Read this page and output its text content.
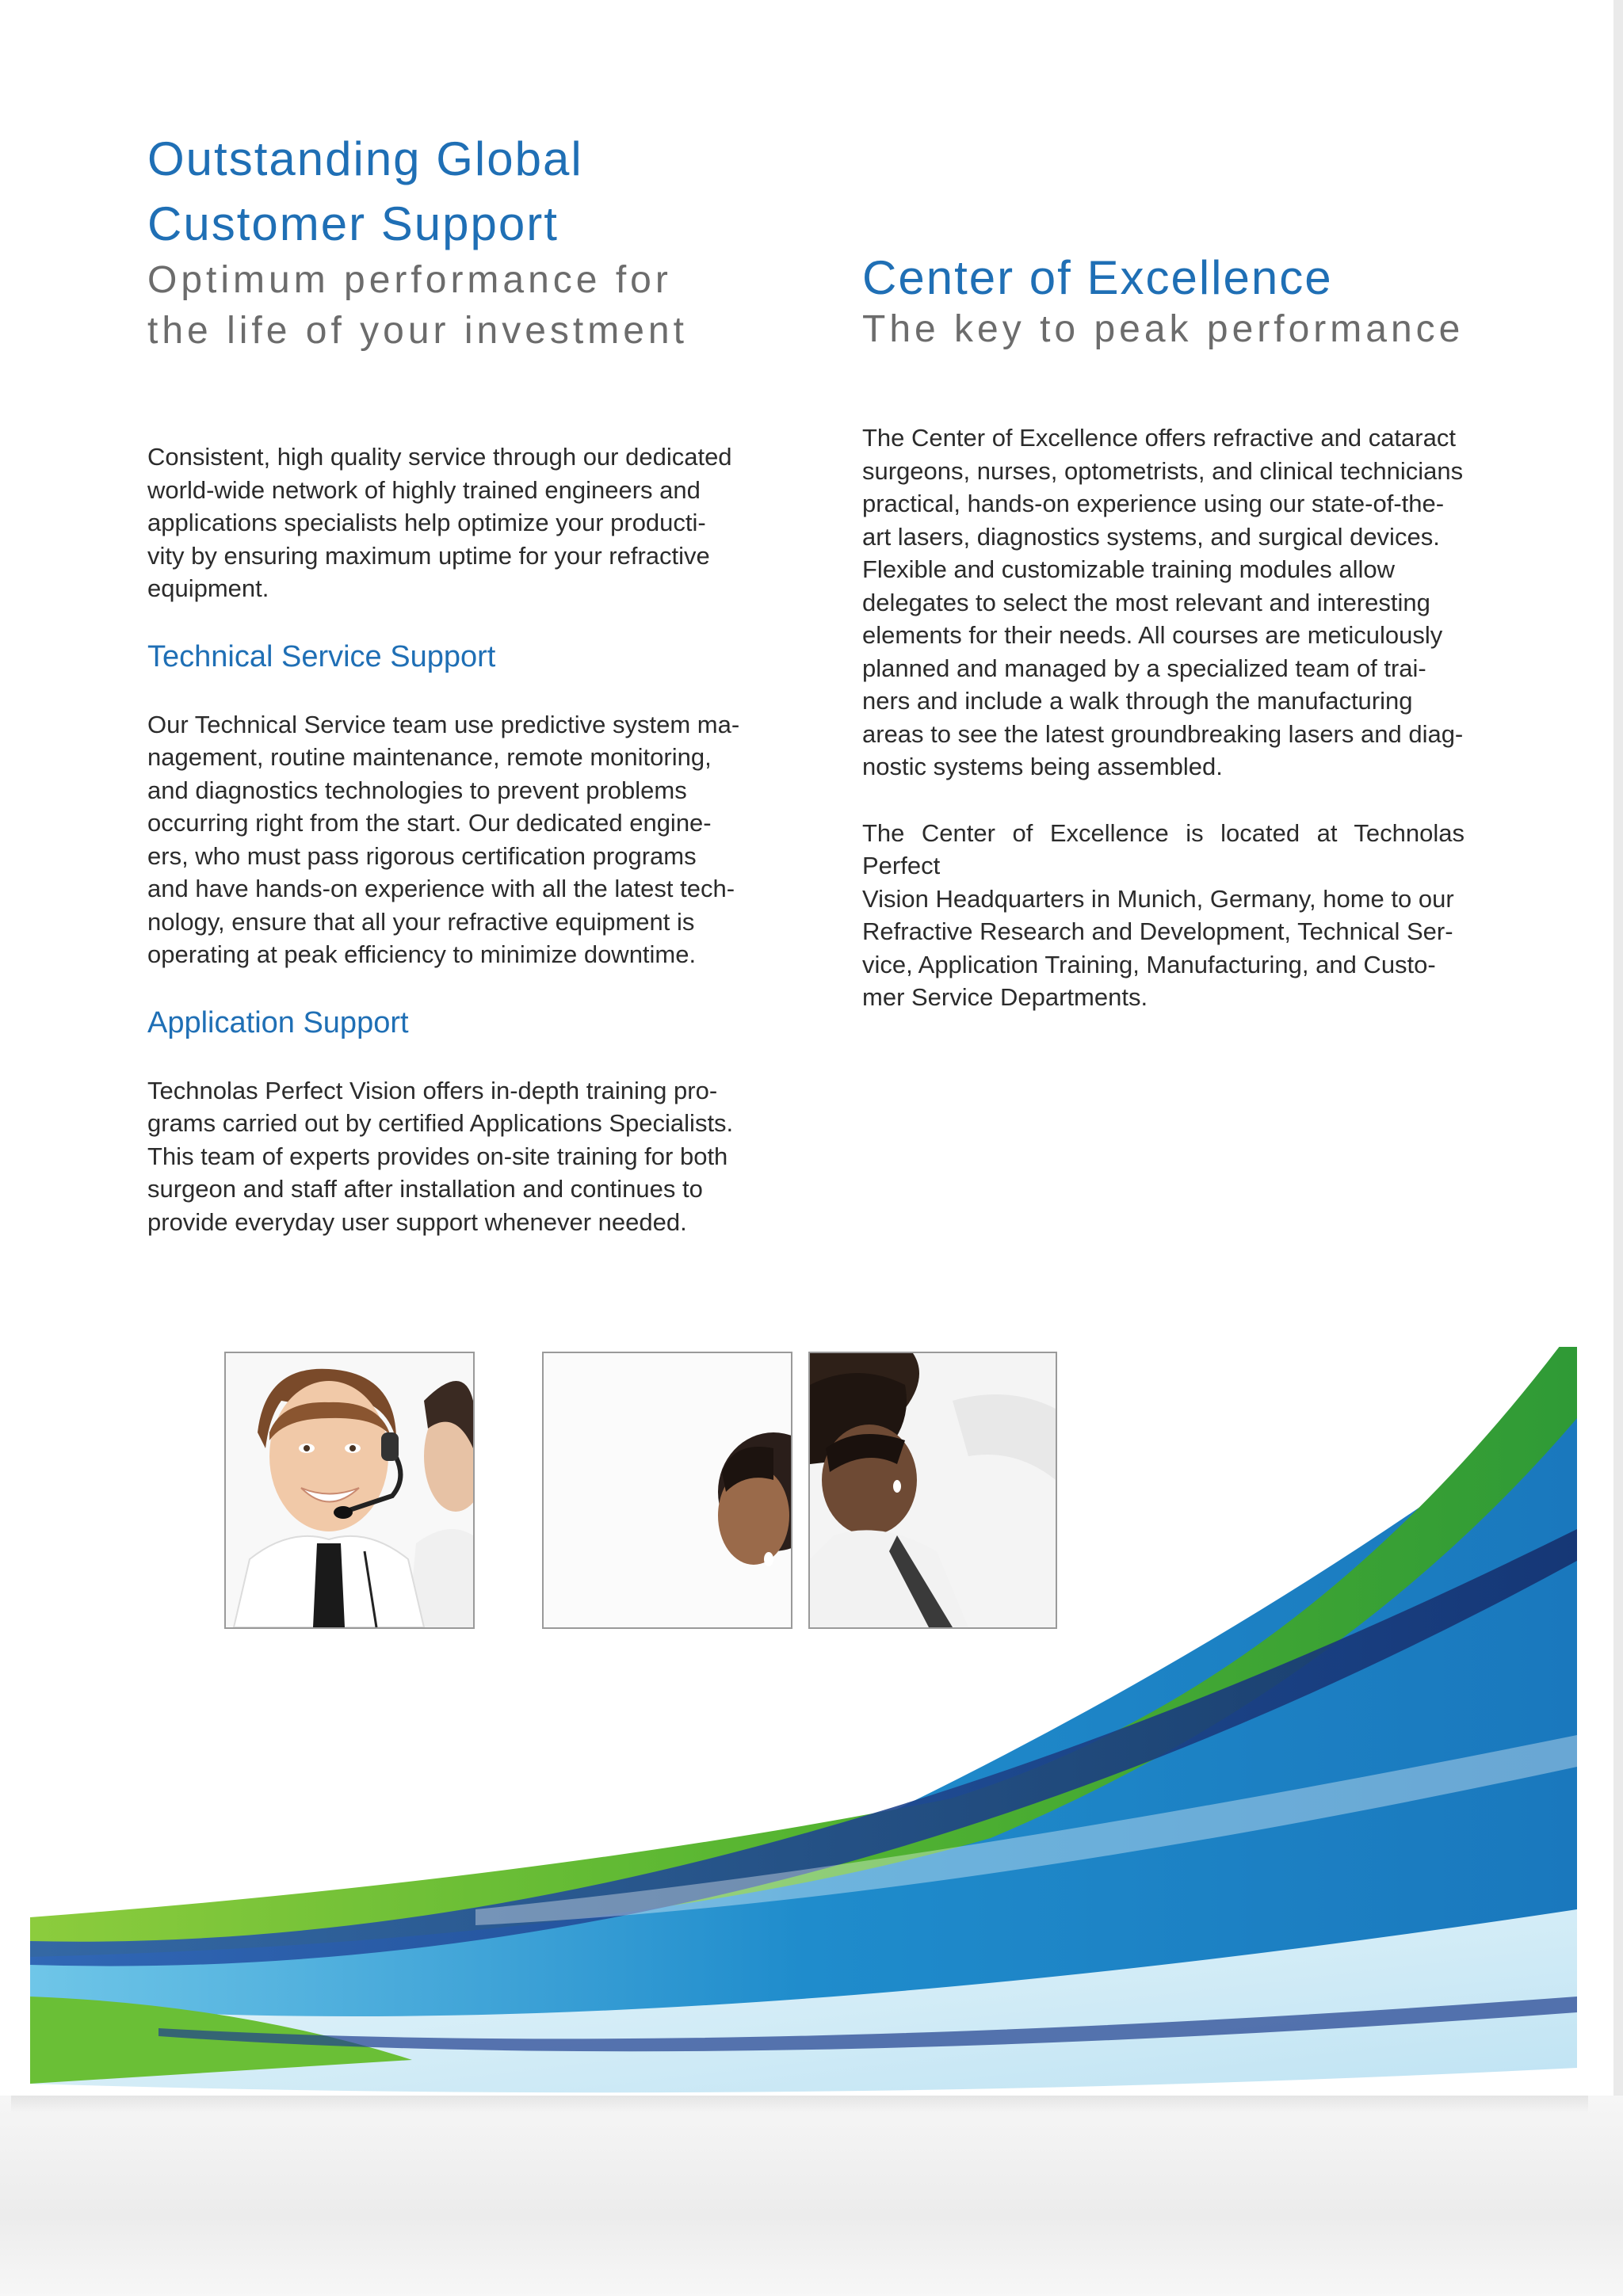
Outstanding Global
Customer Support
Optimum performance for
the life of your investment

Consistent, high quality service through our dedicated
world-wide network of highly trained engineers and
applications specialists help optimize your producti-
vity by ensuring maximum uptime for your refractive
equipment.

Technical Service Support

Our Technical Service team use predictive system ma-
nagement, routine maintenance, remote monitoring,
and diagnostics technologies to prevent problems
occurring right from the start. Our dedicated engine-
ers, who must pass rigorous certification programs
and have hands-on experience with all the latest tech-
nology, ensure that all your refractive equipment is
operating at peak efficiency to minimize downtime.

Application Support

Technolas Perfect Vision offers in-depth training pro-
grams carried out by certified Applications Specialists.
This team of experts provides on-site training for both
surgeon and staff after installation and continues to
provide everyday user support whenever needed.

Center of Excellence
The key to peak performance

The Center of Excellence offers refractive and cataract
surgeons, nurses, optometrists, and clinical technicians
practical, hands-on experience using our state-of-the-
art lasers, diagnostics systems, and surgical devices.
Flexible and customizable training modules allow
delegates to select the most relevant and interesting
elements for their needs. All courses are meticulously
planned and managed by a specialized team of trai-
ners and include a walk through the manufacturing
areas to see the latest groundbreaking lasers and diag-
nostic systems being assembled.

The Center of Excellence is located at Technolas Perfect
Vision Headquarters in Munich, Germany, home to our
Refractive Research and Development, Technical Ser-
vice, Application Training, Manufacturing, and Custo-
mer Service Departments.
